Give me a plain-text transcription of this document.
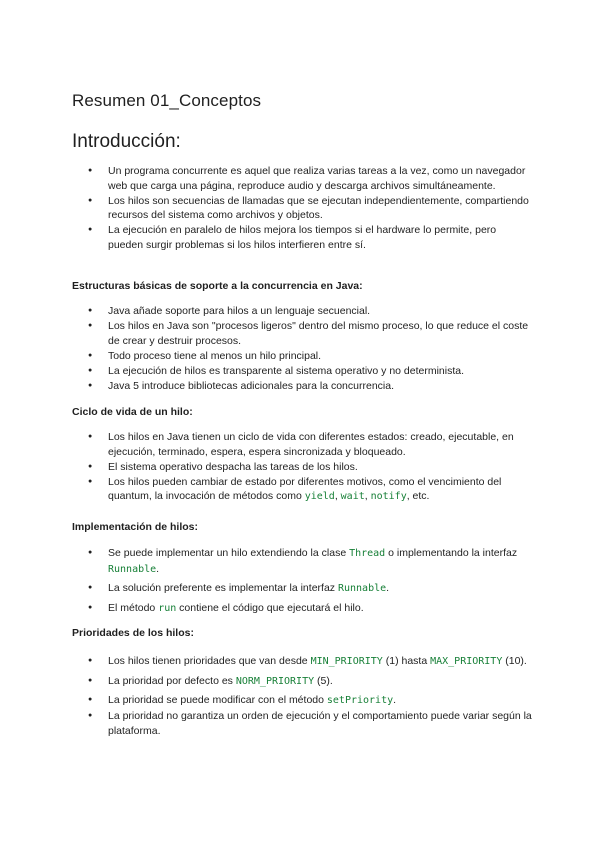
Resumen 01_Conceptos
Introducción:
● Un programa concurrente es aquel que realiza varias tareas a la vez, como un navegador web que carga una página, reproduce audio y descarga archivos simultáneamente.
● Los hilos son secuencias de llamadas que se ejecutan independientemente, compartiendo recursos del sistema como archivos y objetos.
● La ejecución en paralelo de hilos mejora los tiempos si el hardware lo permite, pero pueden surgir problemas si los hilos interfieren entre sí.

Estructuras básicas de soporte a la concurrencia en Java:

● Java añade soporte para hilos a un lenguaje secuencial.
● Los hilos en Java son "procesos ligeros" dentro del mismo proceso, lo que reduce el coste de crear y destruir procesos.
● Todo proceso tiene al menos un hilo principal.
● La ejecución de hilos es transparente al sistema operativo y no determinista.
● Java 5 introduce bibliotecas adicionales para la concurrencia.

Ciclo de vida de un hilo:

● Los hilos en Java tienen un ciclo de vida con diferentes estados: creado, ejecutable, en ejecución, terminado, espera, espera sincronizada y bloqueado.
● El sistema operativo despacha las tareas de los hilos.
● Los hilos pueden cambiar de estado por diferentes motivos, como el vencimiento del quantum, la invocación de métodos como yield, wait, notify, etc.

Implementación de hilos:

● Se puede implementar un hilo extendiendo la clase Thread o implementando la interfaz Runnable.
● La solución preferente es implementar la interfaz Runnable.
● El método run contiene el código que ejecutará el hilo.

Prioridades de los hilos:

● Los hilos tienen prioridades que van desde MIN_PRIORITY (1) hasta MAX_PRIORITY (10).
● La prioridad por defecto es NORM_PRIORITY (5).
● La prioridad se puede modificar con el método setPriority.
● La prioridad no garantiza un orden de ejecución y el comportamiento puede variar según la plataforma.
